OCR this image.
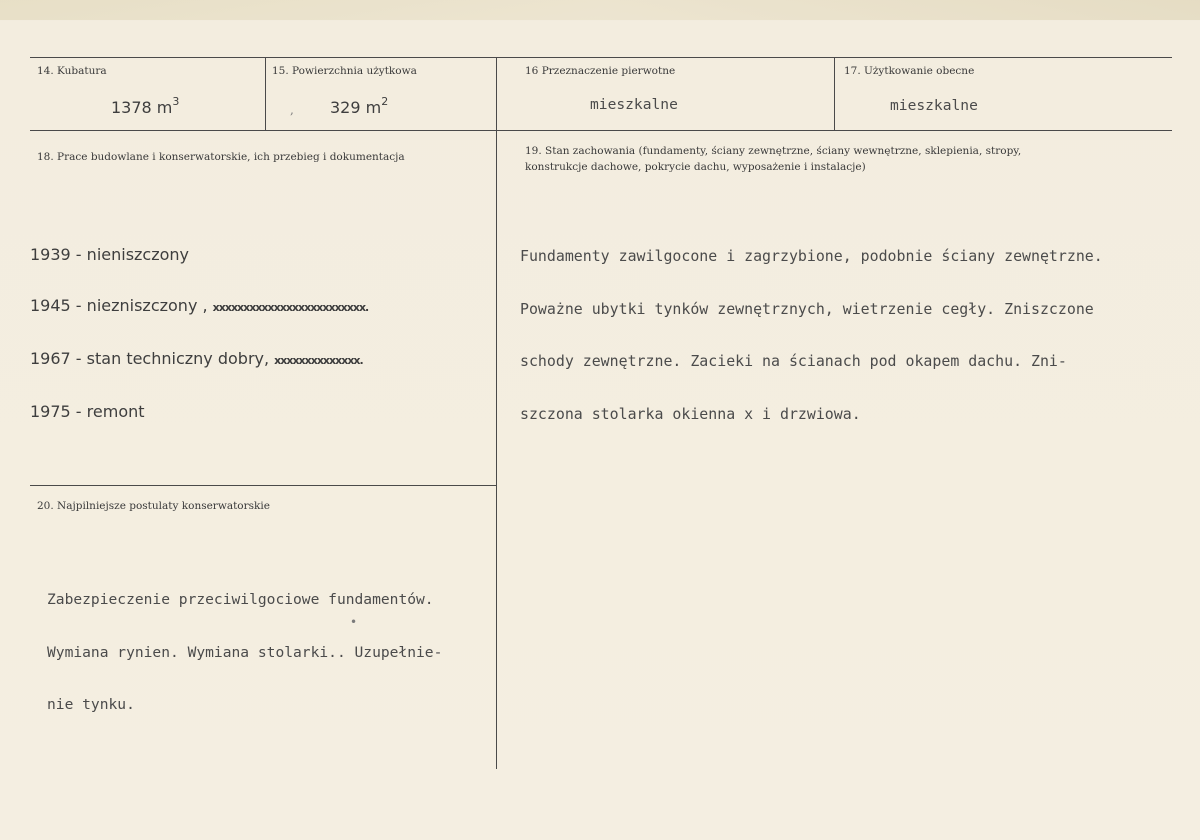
14. Kubatura
1378 $m^3$
15. Powierzchnia użytkowa
, 329 $m^2$
16 Przeznaczenie pierwotne
mieszkalne
17. Użytkowanie obecne
mieszkalne
18. Prace budowlane i konserwatorskie, ich przebieg i dokumentacja

1939 - nieniszczony

1945 - niezniszczony , xxxxxxxxxxxxxxxxxxxxxxxxx.

1967 - stan techniczny dobry, xxxxxxxxxxxxxx.

1975 - remont

19. Stan zachowania (fundamenty, ściany zewnętrzne, ściany wewnętrzne, sklepienia, stropy,
konstrukcje dachowe, pokrycie dachu, wyposażenie i instalacje)

Fundamenty zawilgocone i zagrzybione, podobnie ściany zewnętrzne.

Poważne ubytki tynków zewnętrznych, wietrzenie cegły. Zniszczone

schody zewnętrzne. Zacieki na ścianach pod okapem dachu. Zni-

szczona stolarka okienna x i drzwiowa.

20. Najpilniejsze postulaty konserwatorskie

Zabezpieczenie przeciwilgociowe fundamentów.

Wymiana rynien. Wymiana stolarki.. Uzupełnie-

nie tynku.

•
